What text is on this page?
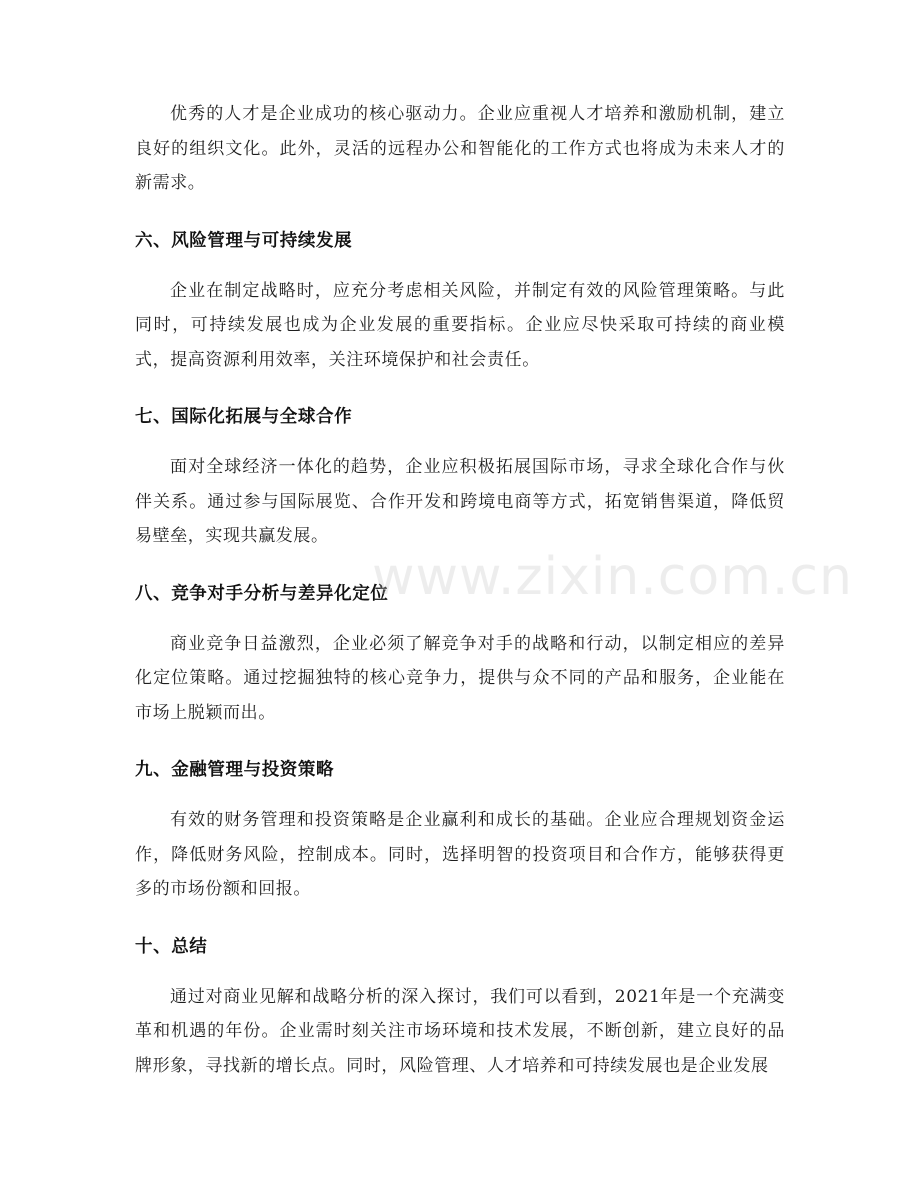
优秀的人才是企业成功的核心驱动力。企业应重视人才培养和激励机制，建立良好的组织文化。此外，灵活的远程办公和智能化的工作方式也将成为未来人才的新需求。

六、风险管理与可持续发展

企业在制定战略时，应充分考虑相关风险，并制定有效的风险管理策略。与此同时，可持续发展也成为企业发展的重要指标。企业应尽快采取可持续的商业模式，提高资源利用效率，关注环境保护和社会责任。

七、国际化拓展与全球合作

面对全球经济一体化的趋势，企业应积极拓展国际市场，寻求全球化合作与伙伴关系。通过参与国际展览、合作开发和跨境电商等方式，拓宽销售渠道，降低贸易壁垒，实现共赢发展。

八、竞争对手分析与差异化定位

商业竞争日益激烈，企业必须了解竞争对手的战略和行动，以制定相应的差异化定位策略。通过挖掘独特的核心竞争力，提供与众不同的产品和服务，企业能在市场上脱颖而出。

九、金融管理与投资策略

有效的财务管理和投资策略是企业赢利和成长的基础。企业应合理规划资金运作，降低财务风险，控制成本。同时，选择明智的投资项目和合作方，能够获得更多的市场份额和回报。

十、总结

通过对商业见解和战略分析的深入探讨，我们可以看到，2021年是一个充满变革和机遇的年份。企业需时刻关注市场环境和技术发展，不断创新，建立良好的品牌形象，寻找新的增长点。同时，风险管理、人才培养和可持续发展也是企业发展

www.zixin.com.cn
